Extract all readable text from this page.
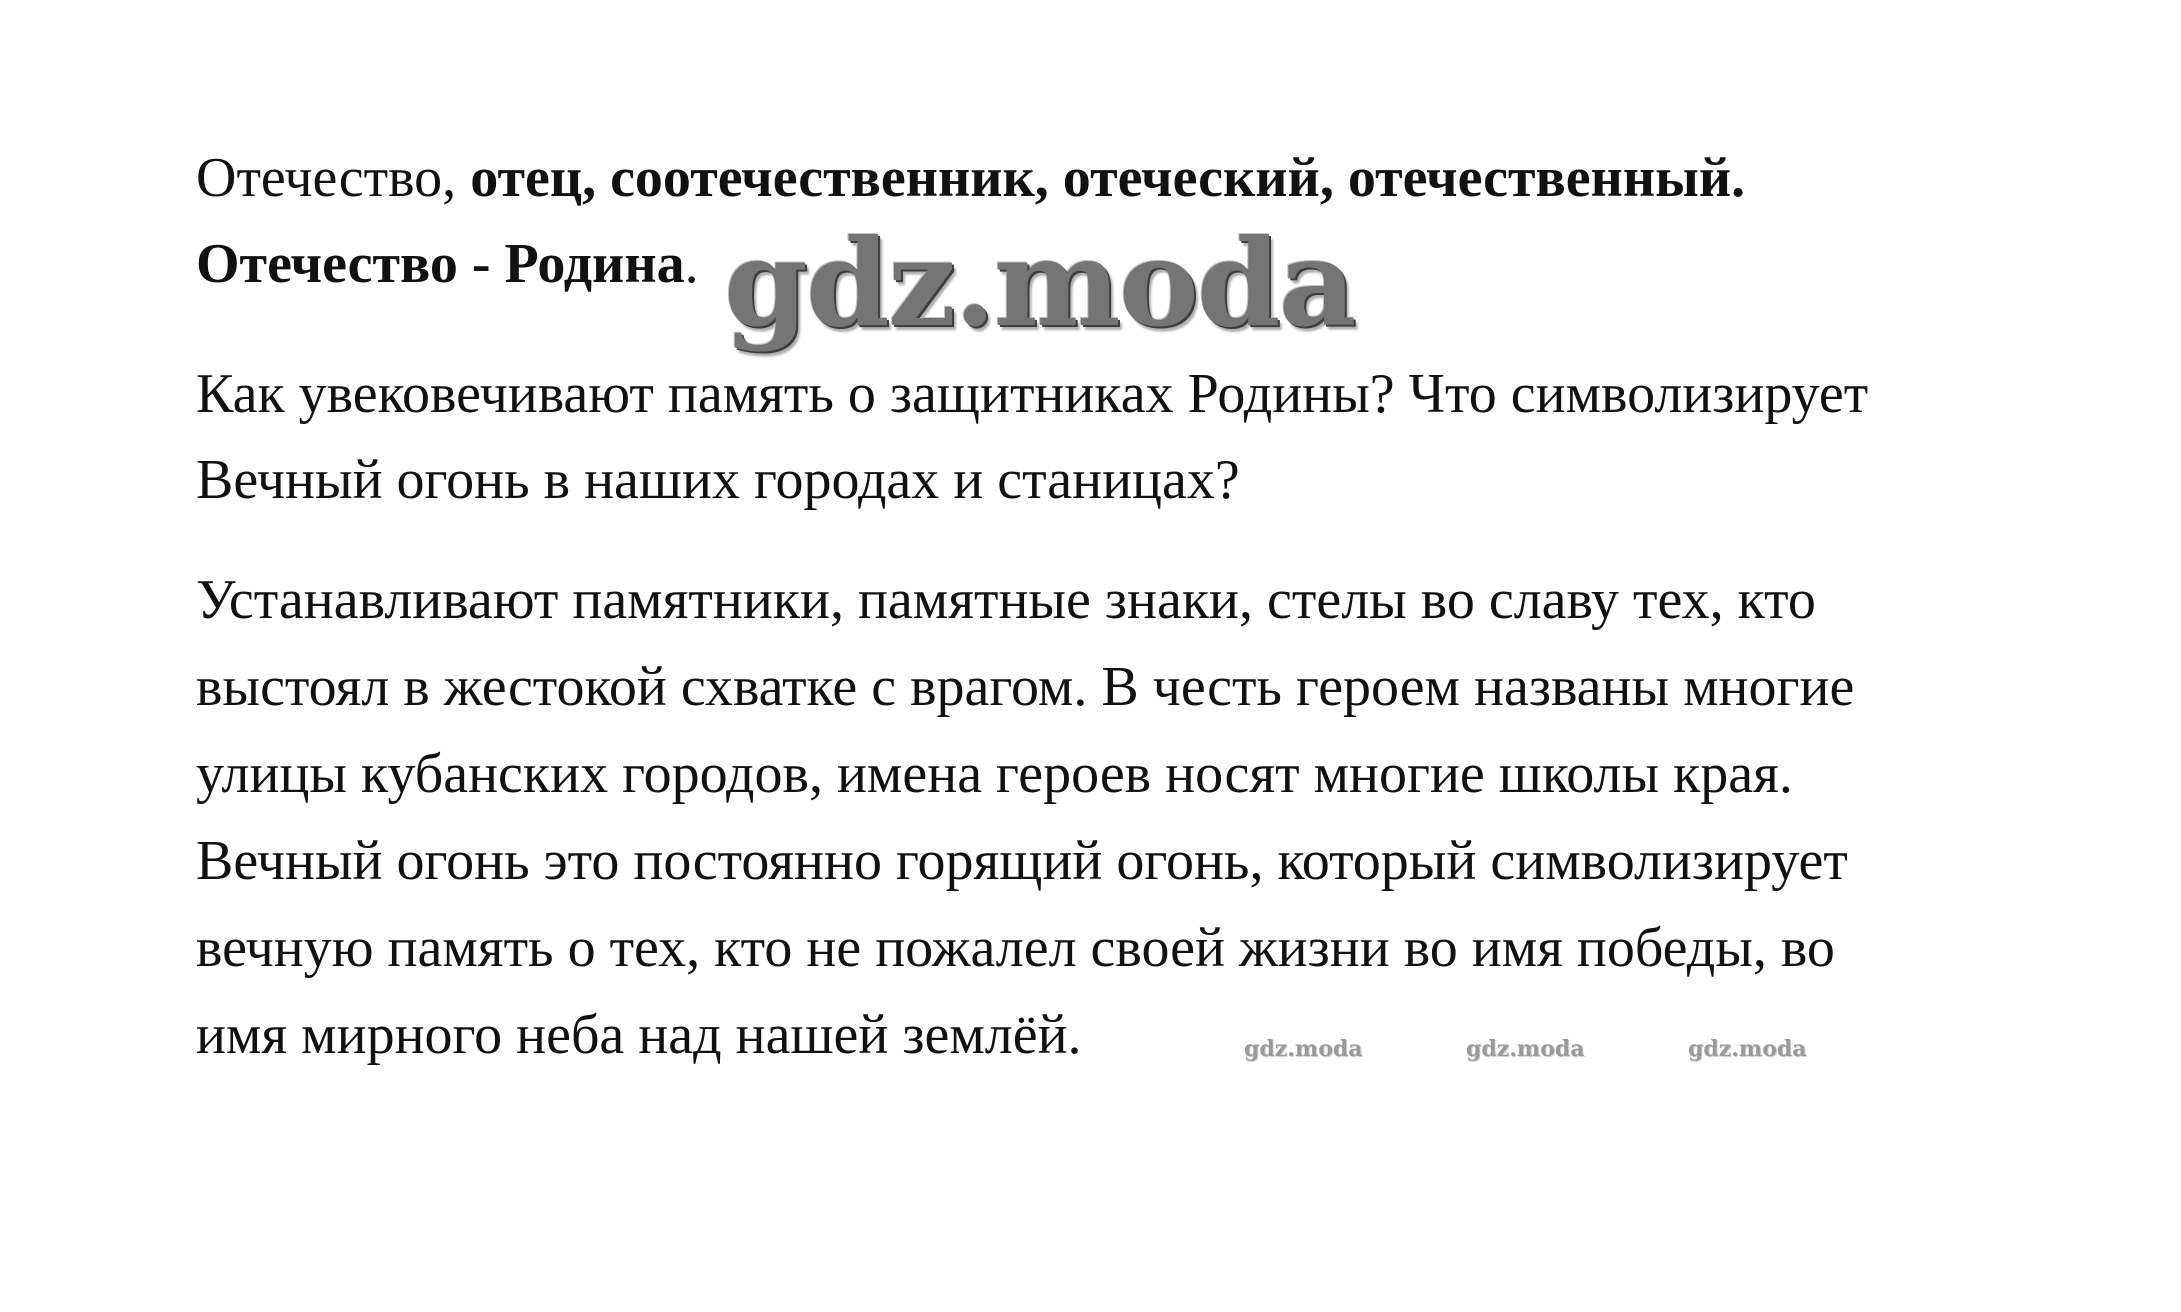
Отечество, отец, соотечественник, отеческий, отечественный.
Отечество - Родина. gdz.moda
Как увековечивают память о защитниках Родины? Что символизирует
Вечный огонь в наших городах и станицах?
Устанавливают памятники, памятные знаки, стелы во славу тех, кто
выстоял в жестокой схватке с врагом. В честь героем названы многие
улицы кубанских городов, имена героев носят многие школы края.
Вечный огонь это постоянно горящий огонь, который символизирует
вечную память о тех, кто не пожалел своей жизни во имя победы, во
имя мирного неба над нашей землёй.	gdz.moda	gdz.moda	gdz.moda
